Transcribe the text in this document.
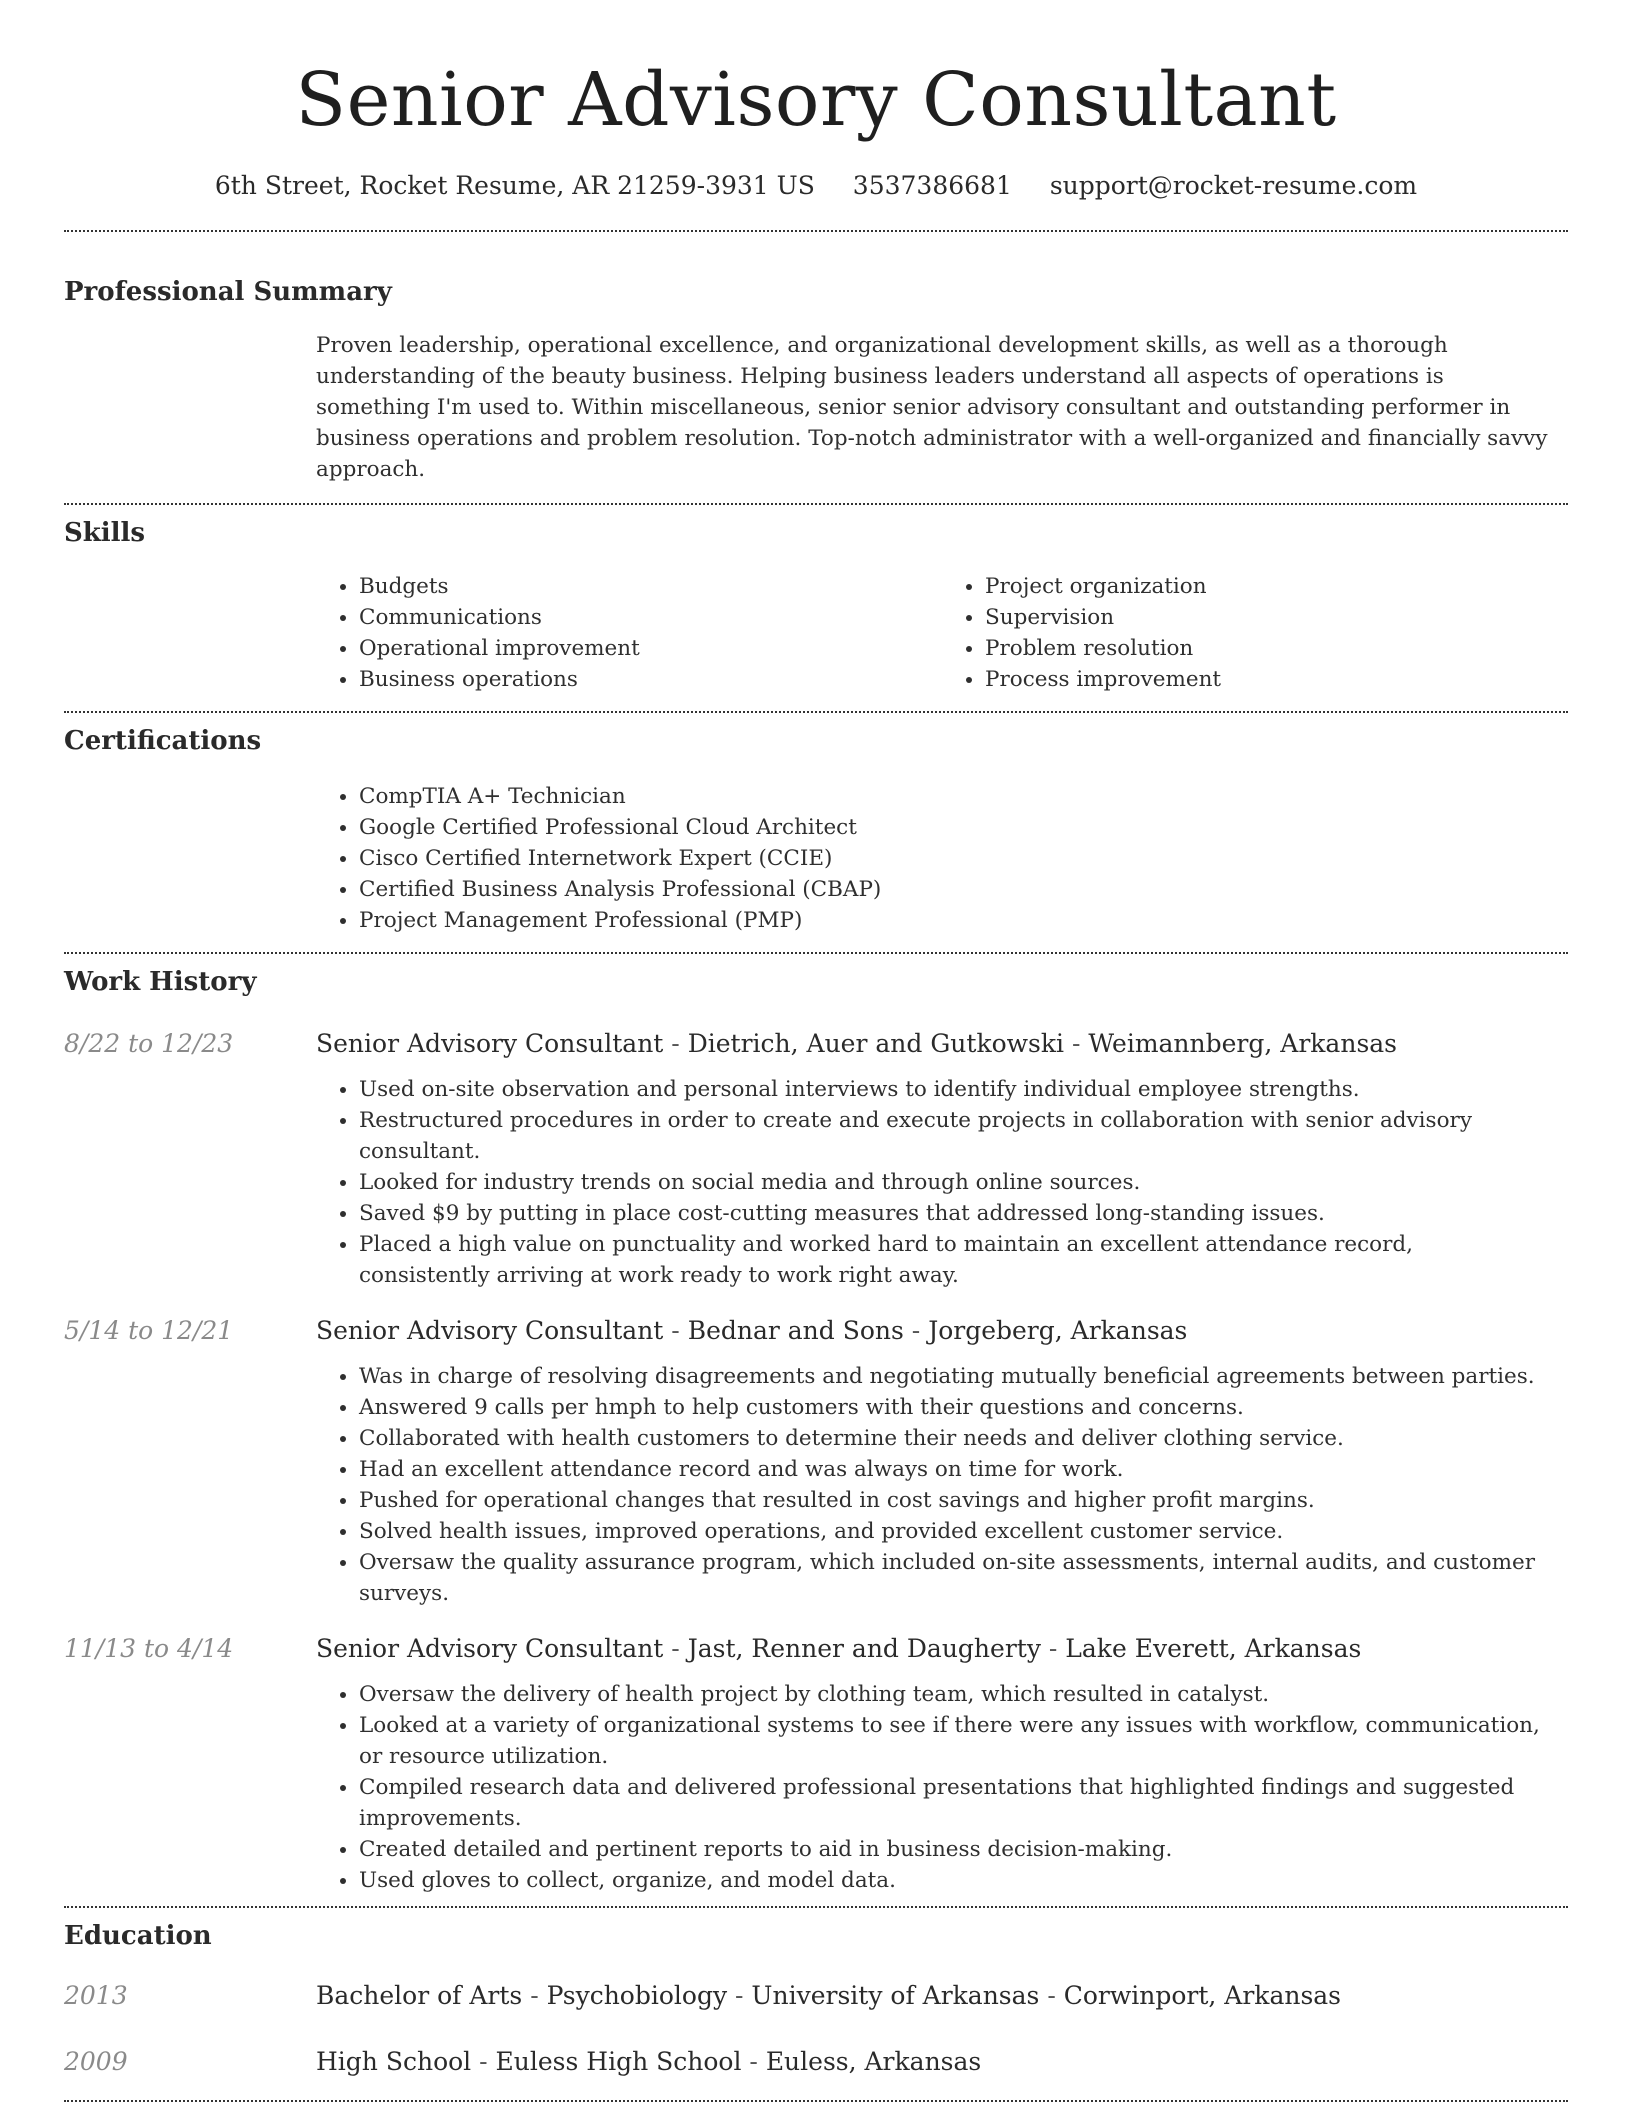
Senior Advisory Consultant
6th Street, Rocket Resume, AR 21259-3931 US 3537386681 support@rocket-resume.com
Professional Summary
Proven leadership, operational excellence, and organizational development skills, as well as a thorough understanding of the beauty business. Helping business leaders understand all aspects of operations is something I'm used to. Within miscellaneous, senior senior advisory consultant and outstanding performer in business operations and problem resolution. Top-notch administrator with a well-organized and financially savvy approach.
Skills
• Budgets
• Communications
• Operational improvement
• Business operations
• Project organization
• Supervision
• Problem resolution
• Process improvement
Certifications
• CompTIA A+ Technician
• Google Certified Professional Cloud Architect
• Cisco Certified Internetwork Expert (CCIE)
• Certified Business Analysis Professional (CBAP)
• Project Management Professional (PMP)
Work History
8/22 to 12/23	Senior Advisory Consultant - Dietrich, Auer and Gutkowski - Weimannberg, Arkansas
• Used on-site observation and personal interviews to identify individual employee strengths.
• Restructured procedures in order to create and execute projects in collaboration with senior advisory consultant.
• Looked for industry trends on social media and through online sources.
• Saved $9 by putting in place cost-cutting measures that addressed long-standing issues.
• Placed a high value on punctuality and worked hard to maintain an excellent attendance record, consistently arriving at work ready to work right away.
5/14 to 12/21	Senior Advisory Consultant - Bednar and Sons - Jorgeberg, Arkansas
• Was in charge of resolving disagreements and negotiating mutually beneficial agreements between parties.
• Answered 9 calls per hmph to help customers with their questions and concerns.
• Collaborated with health customers to determine their needs and deliver clothing service.
• Had an excellent attendance record and was always on time for work.
• Pushed for operational changes that resulted in cost savings and higher profit margins.
• Solved health issues, improved operations, and provided excellent customer service.
• Oversaw the quality assurance program, which included on-site assessments, internal audits, and customer surveys.
11/13 to 4/14	Senior Advisory Consultant - Jast, Renner and Daugherty - Lake Everett, Arkansas
• Oversaw the delivery of health project by clothing team, which resulted in catalyst.
• Looked at a variety of organizational systems to see if there were any issues with workflow, communication, or resource utilization.
• Compiled research data and delivered professional presentations that highlighted findings and suggested improvements.
• Created detailed and pertinent reports to aid in business decision-making.
• Used gloves to collect, organize, and model data.
Education
2013	Bachelor of Arts - Psychobiology - University of Arkansas - Corwinport, Arkansas
2009	High School - Euless High School - Euless, Arkansas
